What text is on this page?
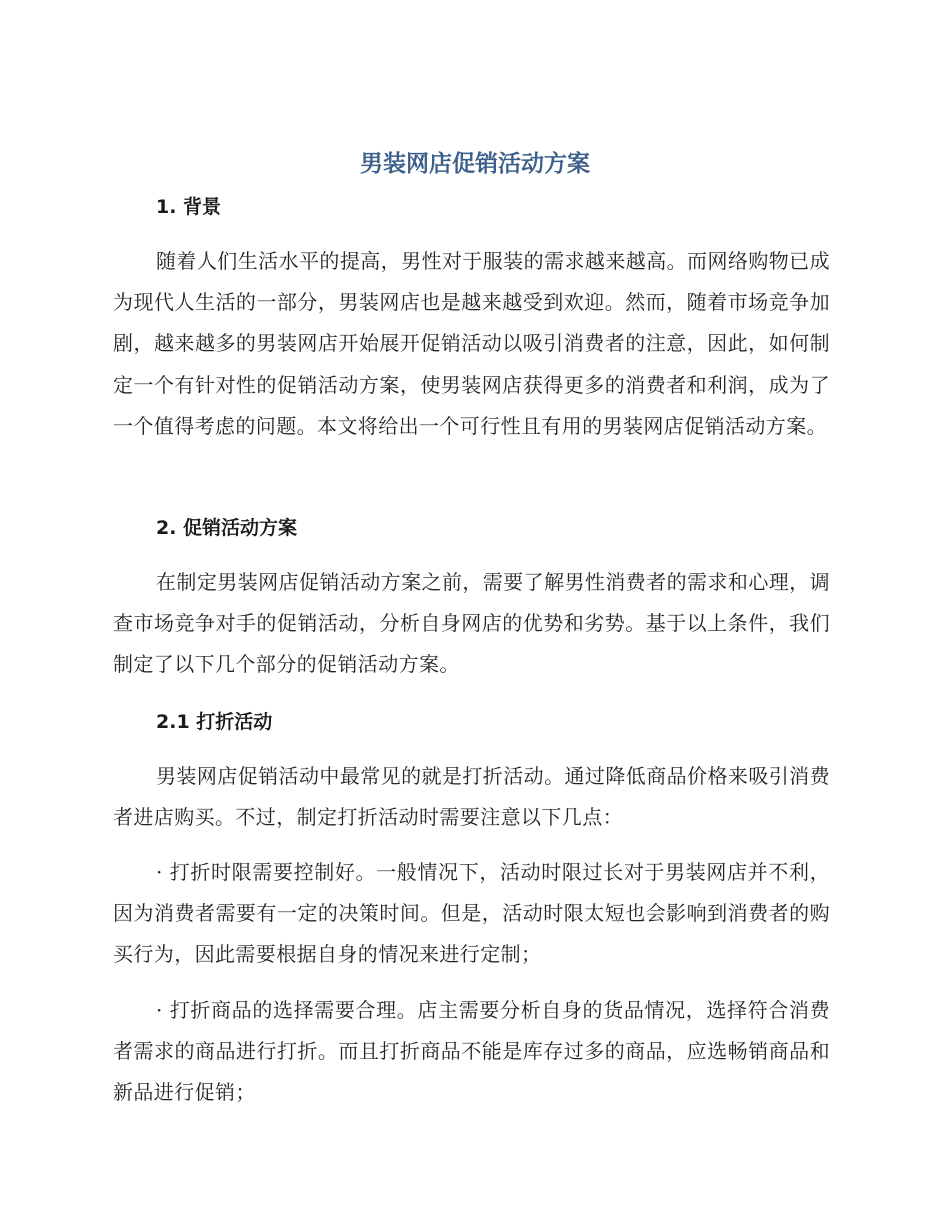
男装网店促销活动方案
1. 背景

随着人们生活水平的提高，男性对于服装的需求越来越高。而网络购物已成为现代人生活的一部分，男装网店也是越来越受到欢迎。然而，随着市场竞争加剧，越来越多的男装网店开始展开促销活动以吸引消费者的注意，因此，如何制定一个有针对性的促销活动方案，使男装网店获得更多的消费者和利润，成为了一个值得考虑的问题。本文将给出一个可行性且有用的男装网店促销活动方案。

2. 促销活动方案

在制定男装网店促销活动方案之前，需要了解男性消费者的需求和心理，调查市场竞争对手的促销活动，分析自身网店的优势和劣势。基于以上条件，我们制定了以下几个部分的促销活动方案。

2.1 打折活动

男装网店促销活动中最常见的就是打折活动。通过降低商品价格来吸引消费者进店购买。不过，制定打折活动时需要注意以下几点：

· 打折时限需要控制好。一般情况下，活动时限过长对于男装网店并不利，因为消费者需要有一定的决策时间。但是，活动时限太短也会影响到消费者的购买行为，因此需要根据自身的情况来进行定制；

· 打折商品的选择需要合理。店主需要分析自身的货品情况，选择符合消费者需求的商品进行打折。而且打折商品不能是库存过多的商品，应选畅销商品和新品进行促销；
